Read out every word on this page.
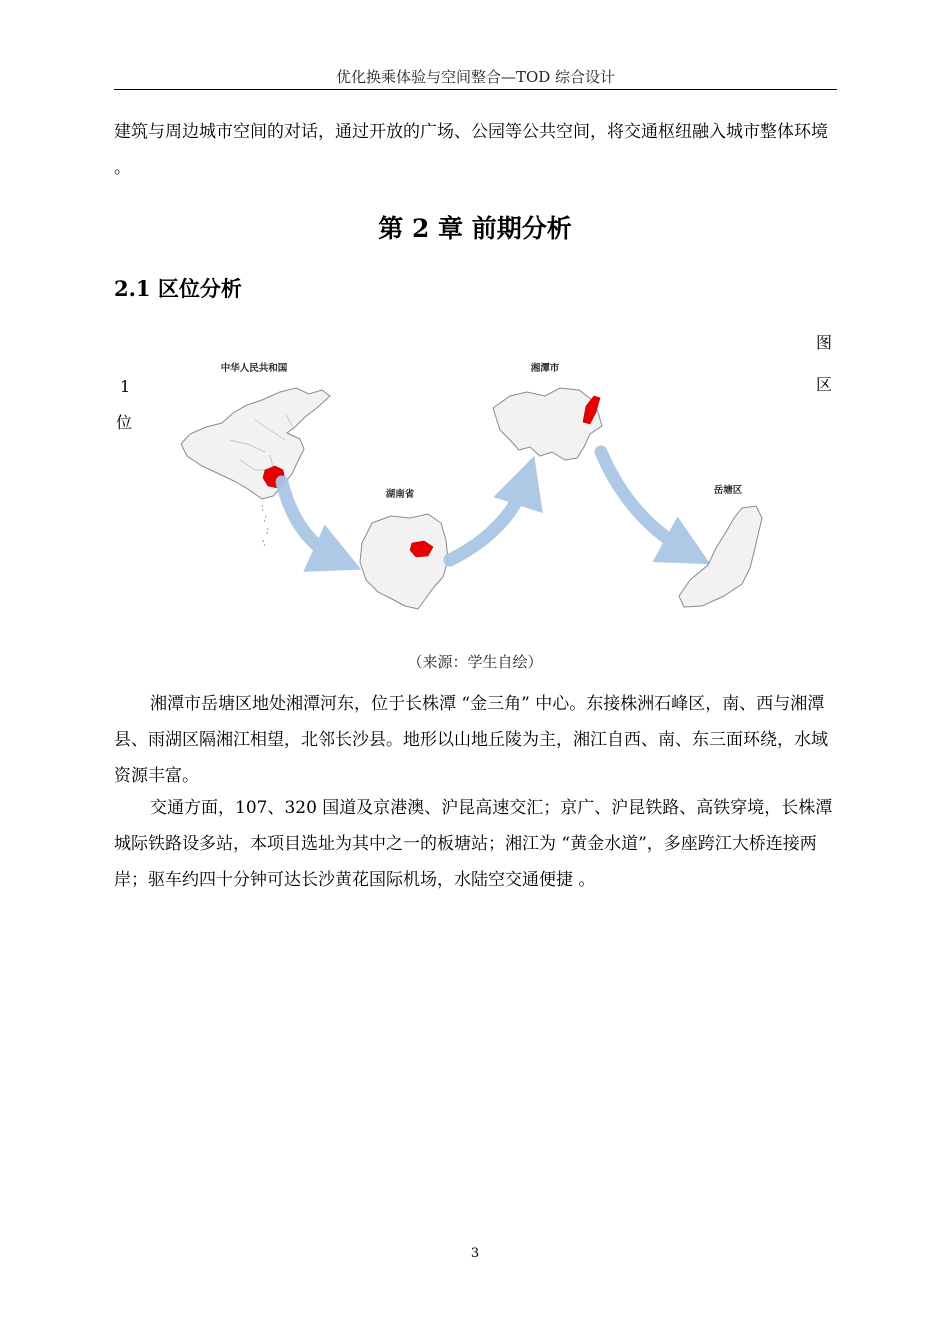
优化换乘体验与空间整合—TOD 综合设计

建筑与周边城市空间的对话，通过开放的广场、公园等公共空间，将交通枢纽融入城市整体环境 。

第 2 章 前期分析
2.1 区位分析
1
位
图
区
中华人民共和国
湖南省
湘潭市
岳塘区
（来源：学生自绘）

湘潭市岳塘区地处湘潭河东，位于长株潭 “金三角” 中心。东接株洲石峰区，南、西与湘潭县、雨湖区隔湘江相望，北邻长沙县。地形以山地丘陵为主，湘江自西、南、东三面环绕，水域资源丰富。

交通方面，107、320 国道及京港澳、沪昆高速交汇；京广、沪昆铁路、高铁穿境，长株潭城际铁路设多站，本项目选址为其中之一的板塘站；湘江为 “黄金水道”，多座跨江大桥连接两岸；驱车约四十分钟可达长沙黄花国际机场，水陆空交通便捷 。

3
